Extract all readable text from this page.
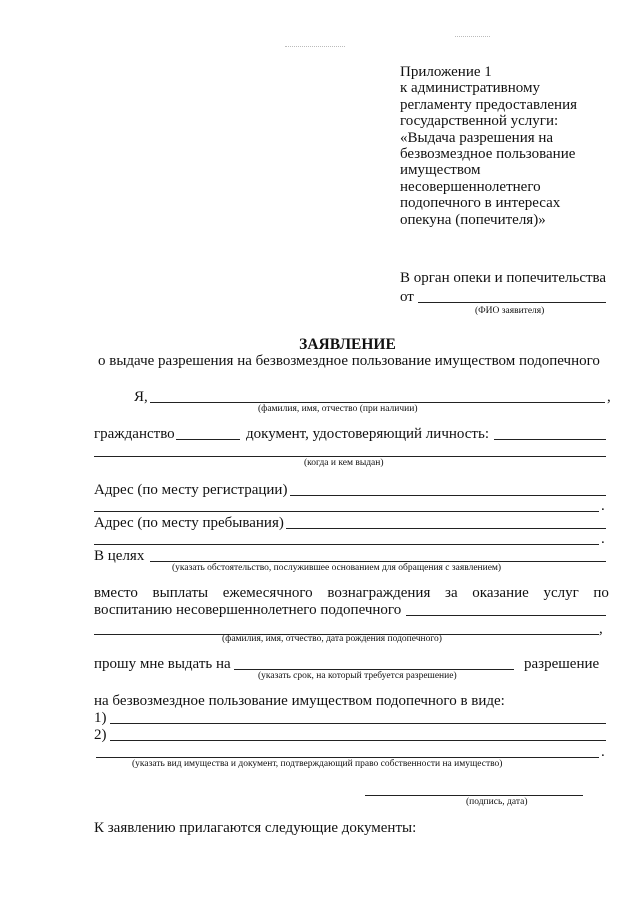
Приложение 1
к административному
регламенту предоставления
государственной услуги:
«Выдача разрешения на
безвозмездное пользование
имуществом
несовершеннолетнего
подопечного в интересах
опекуна (попечителя)»
В орган опеки и попечительства
от
(ФИО заявителя)
ЗАЯВЛЕНИЕ
о выдаче разрешения на безвозмездное пользование имуществом подопечного
Я,	,
(фамилия, имя, отчество (при наличии)
гражданство	документ, удостоверяющий личность:
(когда и кем выдан)
Адрес (по месту регистрации)
.
Адрес (по месту пребывания)
.
В целях
(указать обстоятельство, послужившее основанием для обращения с заявлением)
вместо выплаты ежемесячного вознаграждения за оказание услуг по
воспитанию несовершеннолетнего подопечного
,
(фамилия, имя, отчество, дата рождения подопечного)
прошу мне выдать на
(указать срок, на который требуется разрешение)
разрешение
на безвозмездное пользование имуществом подопечного в виде:
1)
2)
.
(указать вид имущества и документ, подтверждающий право собственности на имущество)
(подпись, дата)
К заявлению прилагаются следующие документы:
